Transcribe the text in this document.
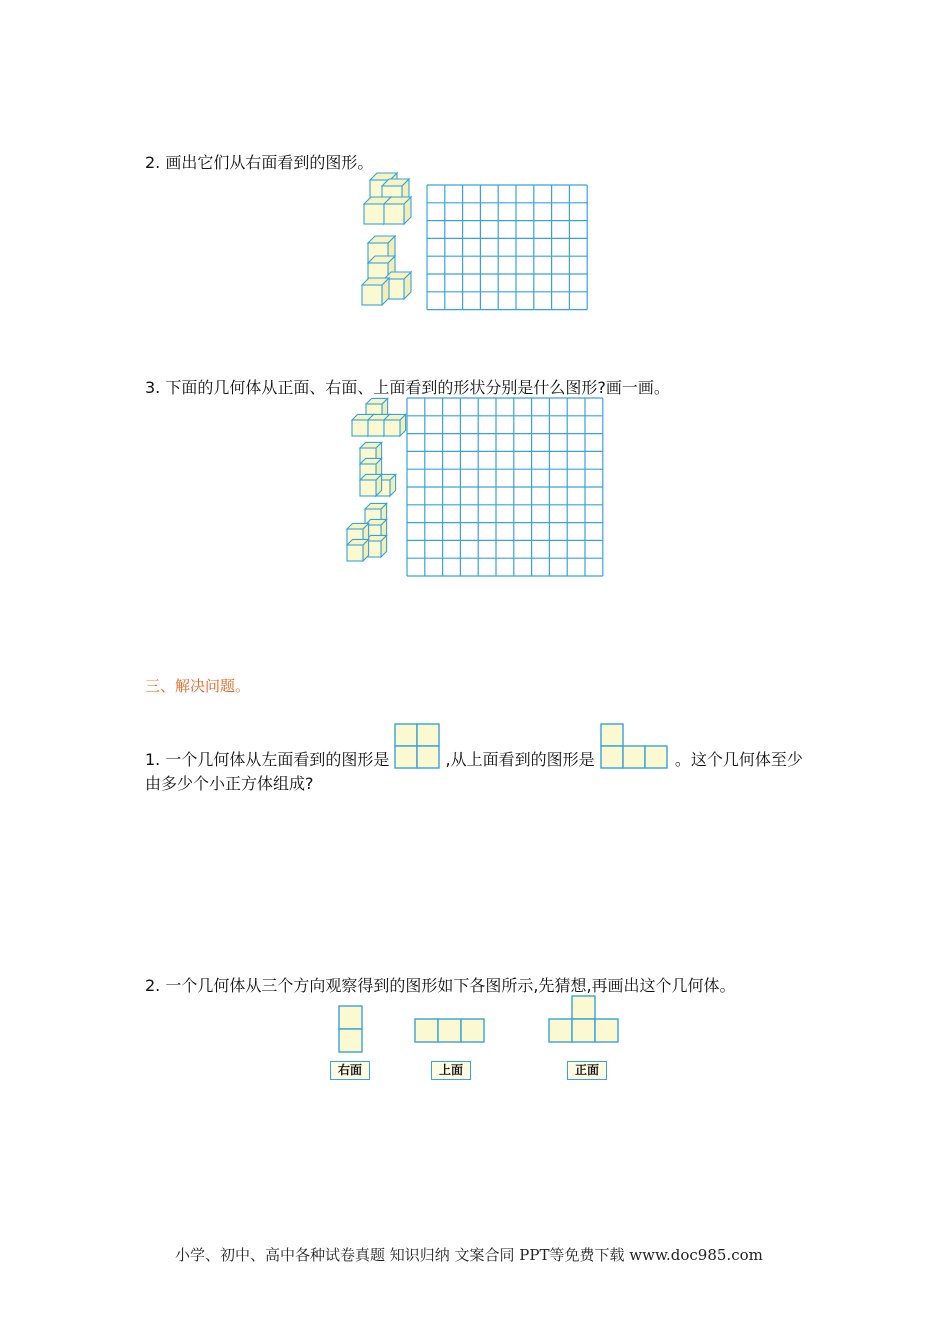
2. 画出它们从右面看到的图形。
3. 下面的几何体从正面、右面、上面看到的形状分别是什么图形?画一画。
三、解决问题。
1. 一个几何体从左面看到的图形是	,从上面看到的图形是	。这个几何体至少
由多少个小正方体组成?
2. 一个几何体从三个方向观察得到的图形如下各图所示,先猜想,再画出这个几何体。
右面	上面	正面
小学、初中、高中各种试卷真题 知识归纳 文案合同 PPT等免费下载 www.doc985.com
